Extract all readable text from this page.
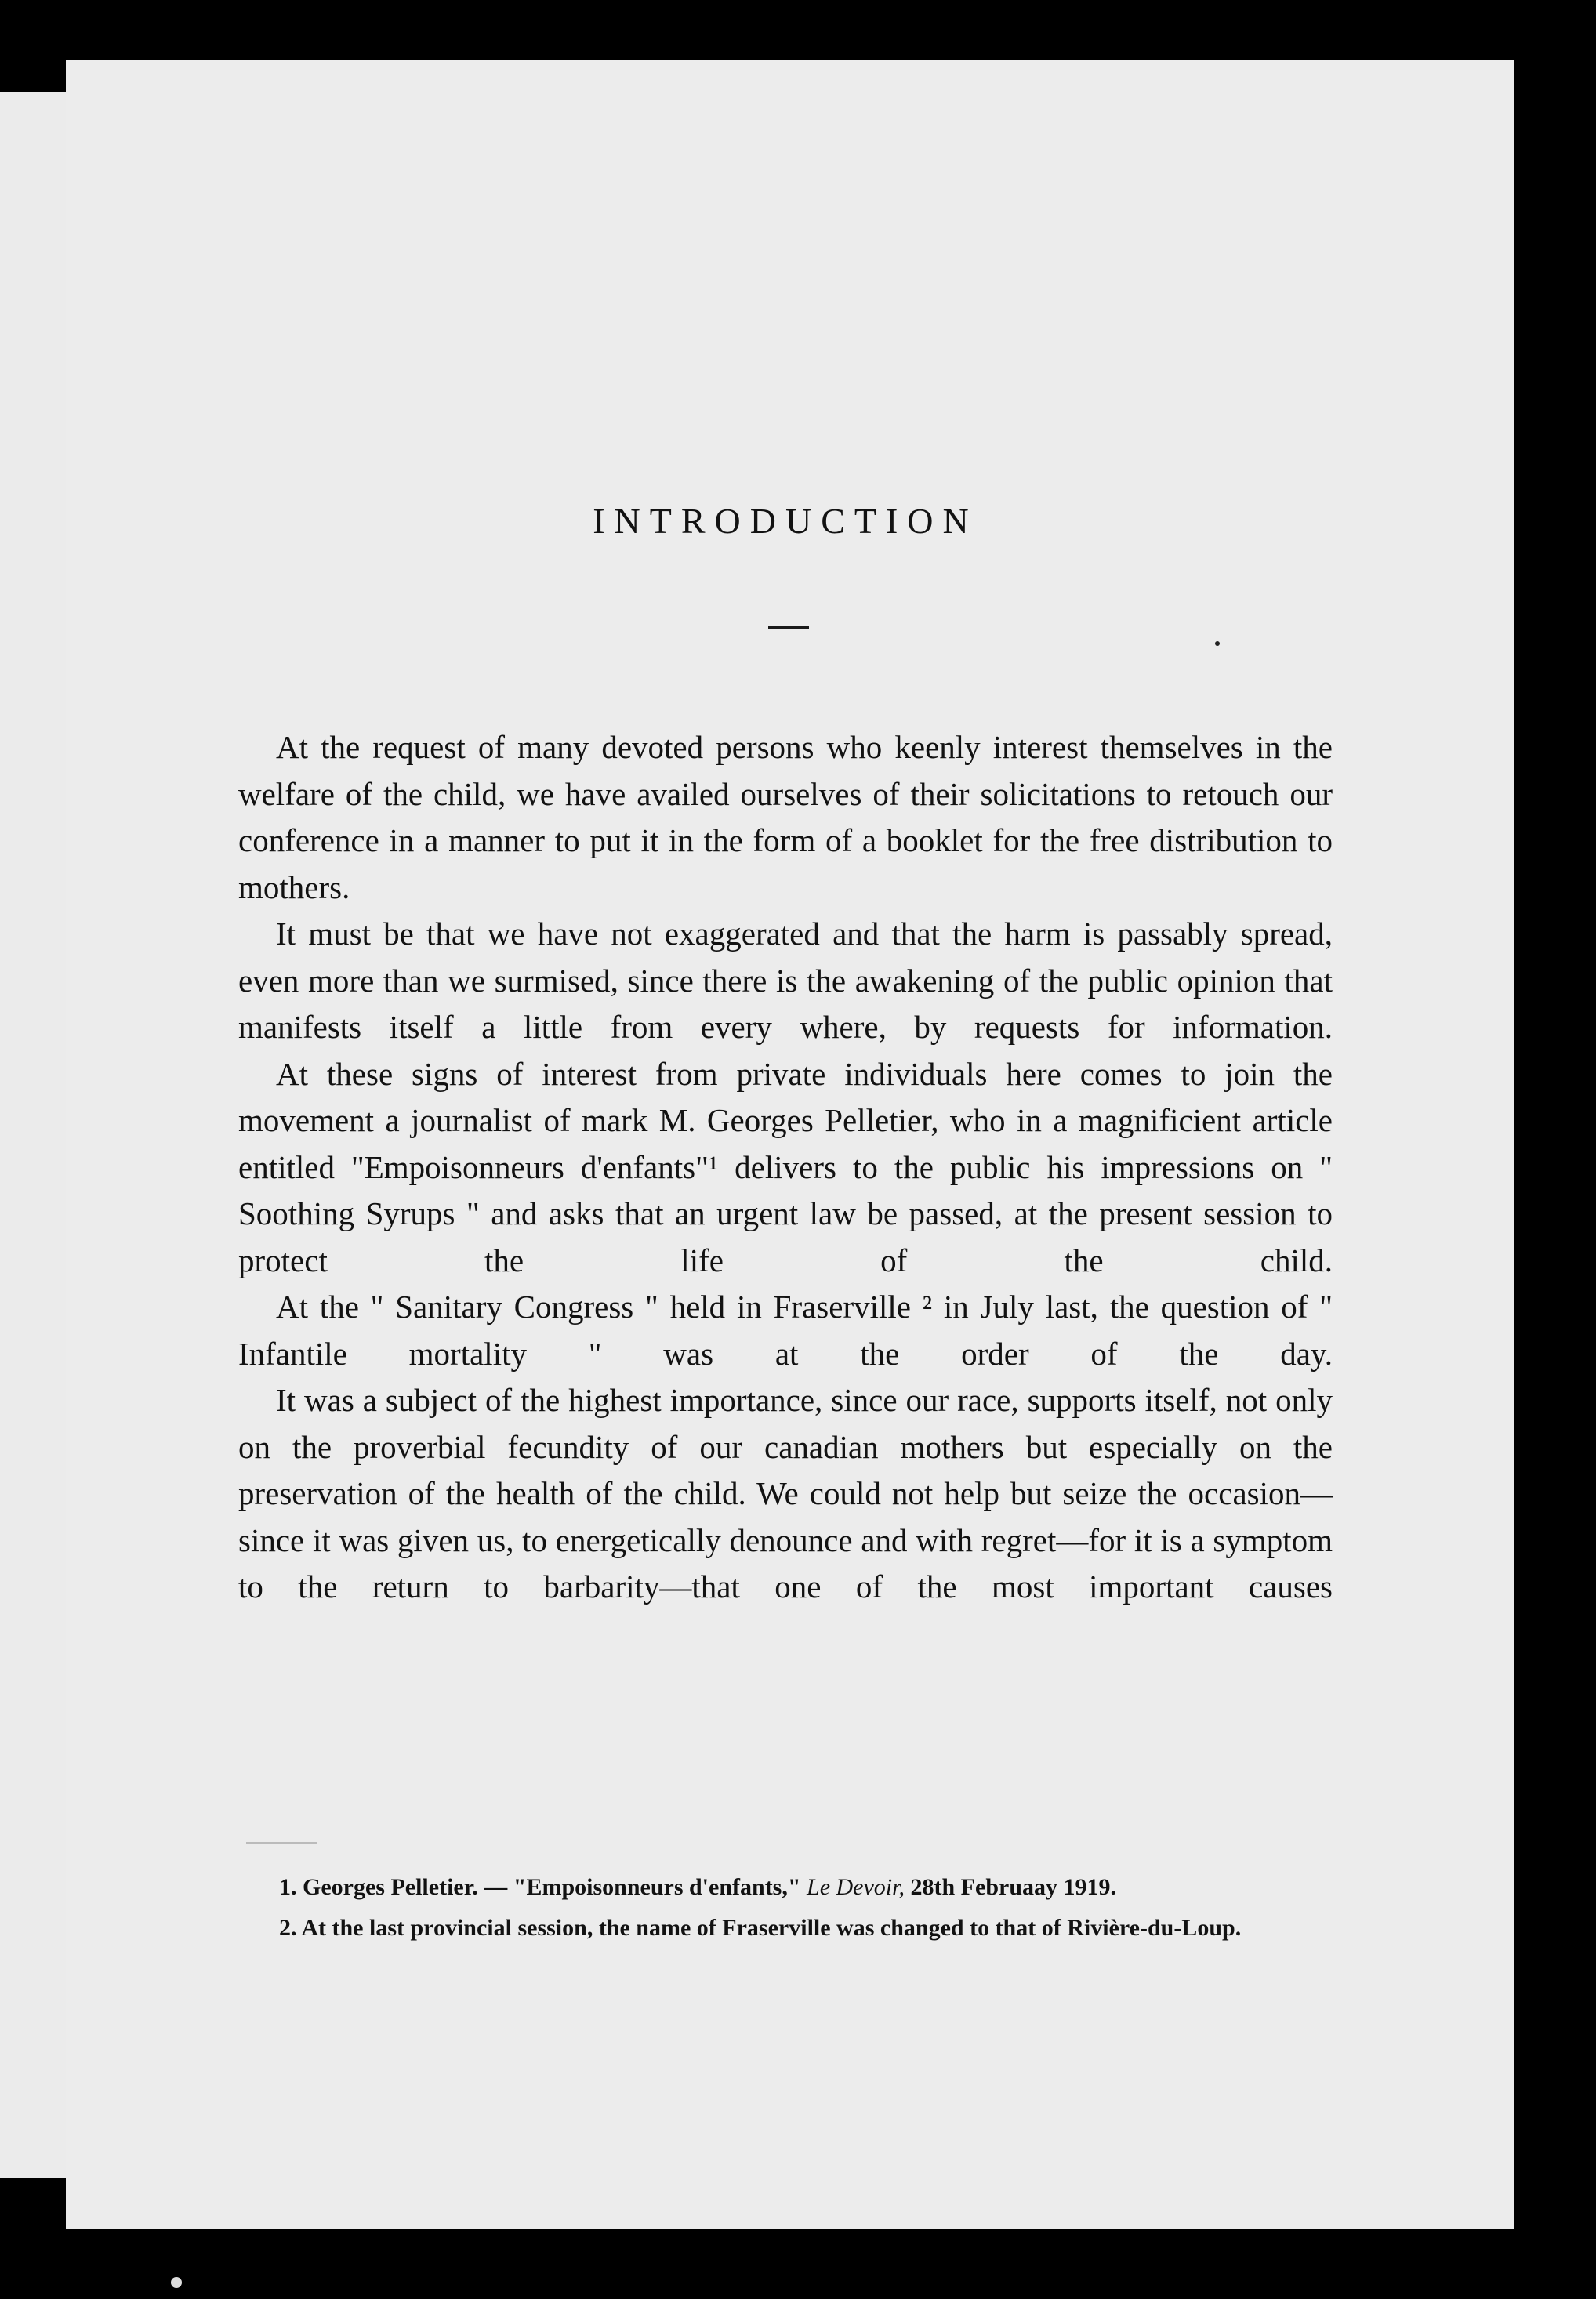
INTRODUCTION

At the request of many devoted persons who keenly interest themselves in the welfare of the child, we have availed ourselves of their solicitations to retouch our conference in a manner to put it in the form of a booklet for the free distribution to mothers.

It must be that we have not exaggerated and that the harm is passably spread, even more than we surmised, since there is the awakening of the public opinion that manifests itself a little from every where, by requests for information.

At these signs of interest from private individuals here comes to join the movement a journalist of mark M. Georges Pelletier, who in a magnificient article entitled "Empoisonneurs d'enfants"¹ delivers to the public his impressions on " Soothing Syrups " and asks that an urgent law be passed, at the present session to protect the life of the child.

At the " Sanitary Congress " held in Fraserville ² in July last, the question of " Infantile mortality " was at the order of the day.

It was a subject of the highest importance, since our race, supports itself, not only on the proverbial fecundity of our canadian mothers but especially on the preservation of the health of the child. We could not help but seize the occasion—since it was given us, to energetically denounce and with regret—for it is a symptom to the return to barbarity—that one of the most important causes

1. Georges Pelletier. — "Empoisonneurs d'enfants," Le Devoir, 28th Februaay 1919.

2. At the last provincial session, the name of Fraserville was changed to that of Rivière-du-Loup.
